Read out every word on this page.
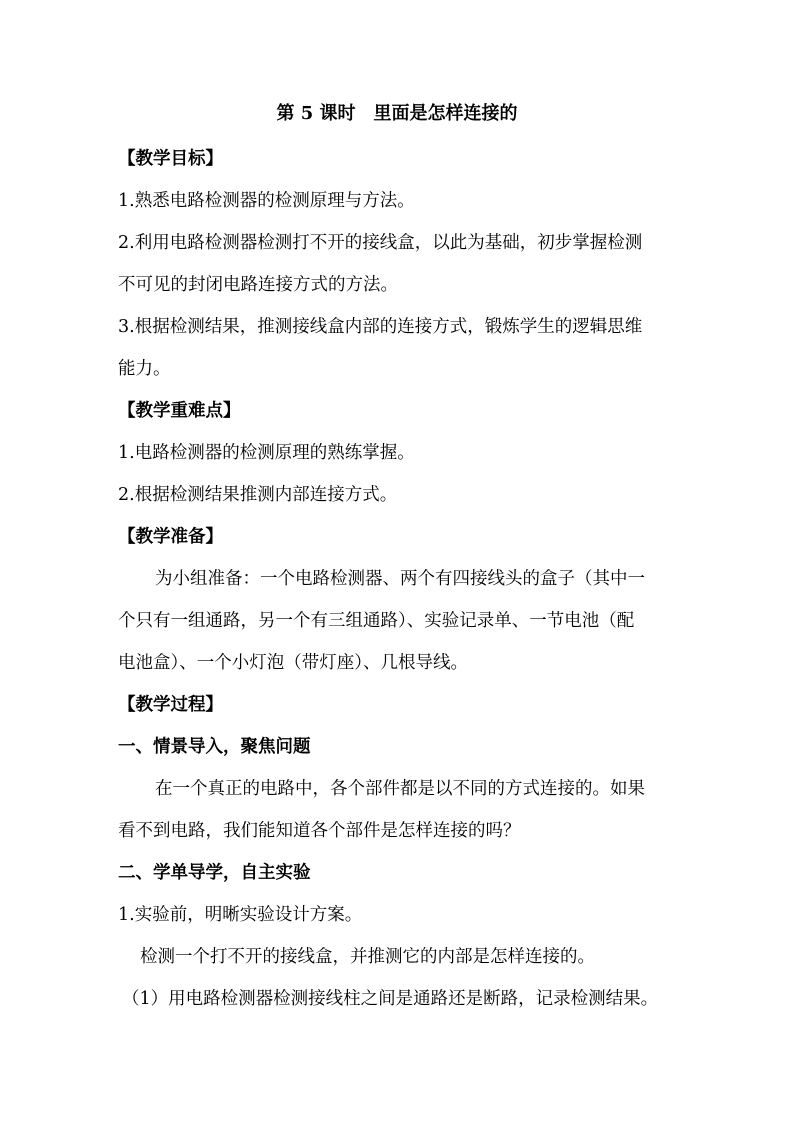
第 5 课时　里面是怎样连接的
【教学目标】
1.熟悉电路检测器的检测原理与方法。
2.利用电路检测器检测打不开的接线盒，以此为基础，初步掌握检测
不可见的封闭电路连接方式的方法。
3.根据检测结果，推测接线盒内部的连接方式，锻炼学生的逻辑思维
能力。
【教学重难点】
1.电路检测器的检测原理的熟练掌握。
2.根据检测结果推测内部连接方式。
【教学准备】
为小组准备：一个电路检测器、两个有四接线头的盒子（其中一
个只有一组通路，另一个有三组通路）、实验记录单、一节电池（配
电池盒）、一个小灯泡（带灯座）、几根导线。
【教学过程】
一、情景导入，聚焦问题
在一个真正的电路中，各个部件都是以不同的方式连接的。如果
看不到电路，我们能知道各个部件是怎样连接的吗？
二、学单导学，自主实验
1.实验前，明晰实验设计方案。
检测一个打不开的接线盒，并推测它的内部是怎样连接的。
（1）用电路检测器检测接线柱之间是通路还是断路，记录检测结果。
